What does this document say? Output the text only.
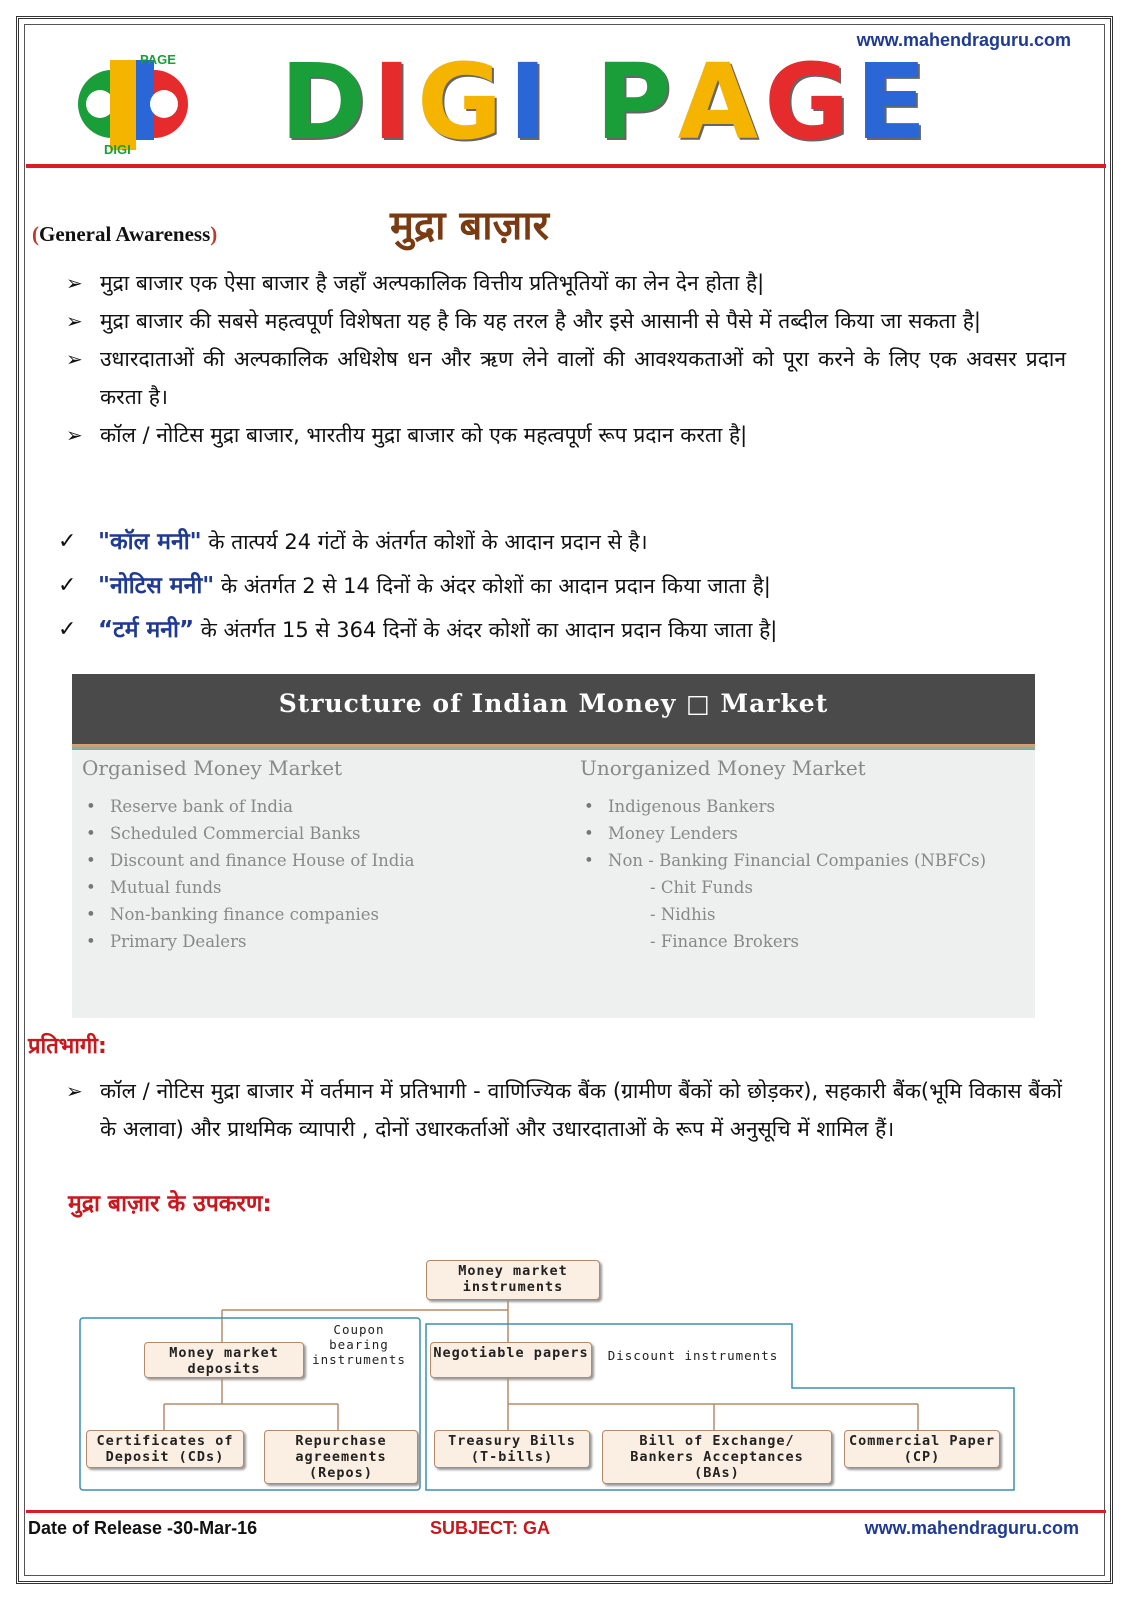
www.mahendraguru.com
PAGE
DIGI DIGI PAGE
(General Awareness)	मुद्रा बाज़ार
➢ मुद्रा बाजार एक ऐसा बाजार है जहाँ अल्पकालिक वित्तीय प्रतिभूतियों का लेन देन होता है|
➢ मुद्रा बाजार की सबसे महत्वपूर्ण विशेषता यह है कि यह तरल है और इसे आसानी से पैसे में तब्दील किया जा सकता है|
➢ उधारदाताओं की अल्पकालिक अधिशेष धन और ऋण लेने वालों की आवश्यकताओं को पूरा करने के लिए एक अवसर प्रदान करता है।
➢ कॉल / नोटिस मुद्रा बाजार, भारतीय मुद्रा बाजार को एक महत्वपूर्ण रूप प्रदान करता है|
✓ "कॉल मनी" के तात्पर्य 24 गंटों के अंतर्गत कोशों के आदान प्रदान से है।
✓ "नोटिस मनी" के अंतर्गत 2 से 14 दिनों के अंदर कोशों का आदान प्रदान किया जाता है|
✓ “टर्म मनी” के अंतर्गत 15 से 364 दिनों के अंदर कोशों का आदान प्रदान किया जाता है|
Structure of Indian Money □ Market
Organised Money Market
• Reserve bank of India
• Scheduled Commercial Banks
• Discount and finance House of India
• Mutual funds
• Non-banking finance companies
• Primary Dealers
Unorganized Money Market
• Indigenous Bankers
• Money Lenders
• Non - Banking Financial Companies (NBFCs)
- Chit Funds
- Nidhis
- Finance Brokers
प्रतिभागी:
➢ कॉल / नोटिस मुद्रा बाजार में वर्तमान में प्रतिभागी - वाणिज्यिक बैंक (ग्रामीण बैंकों को छोड़कर), सहकारी बैंक(भूमि विकास बैंकों के अलावा) और प्राथमिक व्यापारी , दोनों उधारकर्ताओं और उधारदाताओं के रूप में अनुसूचि में शामिल हैं।
मुद्रा बाज़ार के उपकरण:
Money market instruments
Coupon bearing instruments	Discount instruments
Money market deposits
Negotiable papers
Certificates of Deposit (CDs)
Repurchase agreements (Repos)
Treasury Bills (T-bills)
Bill of Exchange/ Bankers Acceptances (BAs)
Commercial Paper (CP)
Date of Release -30-Mar-16	SUBJECT: GA	www.mahendraguru.com
